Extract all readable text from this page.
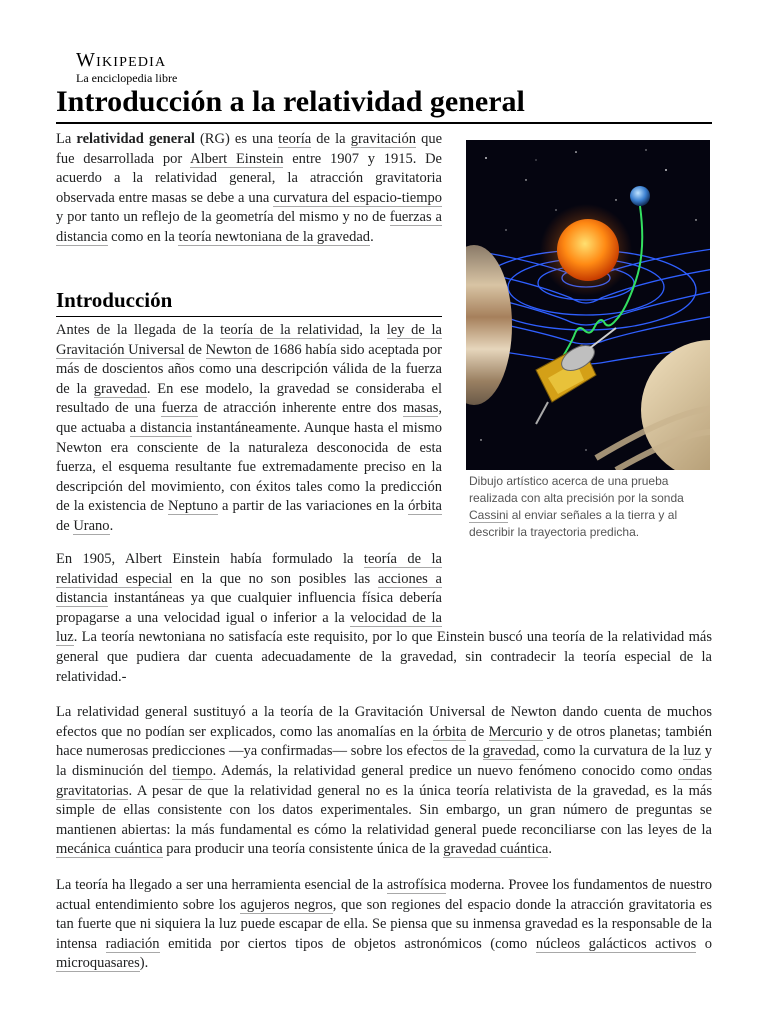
Wikipedia
La enciclopedia libre
Introducción a la relatividad general

La relatividad general (RG) es una teoría de la gravitación que fue desarrollada por Albert Einstein entre 1907 y 1915. De acuerdo a la relatividad general, la atracción gravitatoria observada entre masas se debe a una curvatura del espacio-tiempo y por tanto un reflejo de la geometría del mismo y no de fuerzas a distancia como en la teoría newtoniana de la gravedad.

Introducción

Antes de la llegada de la teoría de la relatividad, la ley de la Gravitación Universal de Newton de 1686 había sido aceptada por más de doscientos años como una descripción válida de la fuerza de la gravedad. En ese modelo, la gravedad se consideraba el resultado de una fuerza de atracción inherente entre dos masas, que actuaba a distancia instantáneamente. Aunque hasta el mismo Newton era consciente de la naturaleza desconocida de esta fuerza, el esquema resultante fue extremadamente preciso en la descripción del movimiento, con éxitos tales como la predicción de la existencia de Neptuno a partir de las variaciones en la órbita de Urano.

Dibujo artístico acerca de una prueba realizada con alta precisión por la sonda Cassini al enviar señales a la tierra y al describir la trayectoria predicha.

En 1905, Albert Einstein había formulado la teoría de la relatividad especial en la que no son posibles las acciones a distancia instantáneas ya que cualquier influencia física debería propagarse a una velocidad igual o inferior a la velocidad de la luz. La teoría newtoniana no satisfacía este requisito, por lo que Einstein buscó una teoría de la relatividad más general que pudiera dar cuenta adecuadamente de la gravedad, sin contradecir la teoría especial de la relatividad.-

La relatividad general sustituyó a la teoría de la Gravitación Universal de Newton dando cuenta de muchos efectos que no podían ser explicados, como las anomalías en la órbita de Mercurio y de otros planetas; también hace numerosas predicciones —ya confirmadas— sobre los efectos de la gravedad, como la curvatura de la luz y la disminución del tiempo. Además, la relatividad general predice un nuevo fenómeno conocido como ondas gravitatorias. A pesar de que la relatividad general no es la única teoría relativista de la gravedad, es la más simple de ellas consistente con los datos experimentales. Sin embargo, un gran número de preguntas se mantienen abiertas: la más fundamental es cómo la relatividad general puede reconciliarse con las leyes de la mecánica cuántica para producir una teoría consistente única de la gravedad cuántica.

La teoría ha llegado a ser una herramienta esencial de la astrofísica moderna. Provee los fundamentos de nuestro actual entendimiento sobre los agujeros negros, que son regiones del espacio donde la atracción gravitatoria es tan fuerte que ni siquiera la luz puede escapar de ella. Se piensa que su inmensa gravedad es la responsable de la intensa radiación emitida por ciertos tipos de objetos astronómicos (como núcleos galácticos activos o microquasares).
